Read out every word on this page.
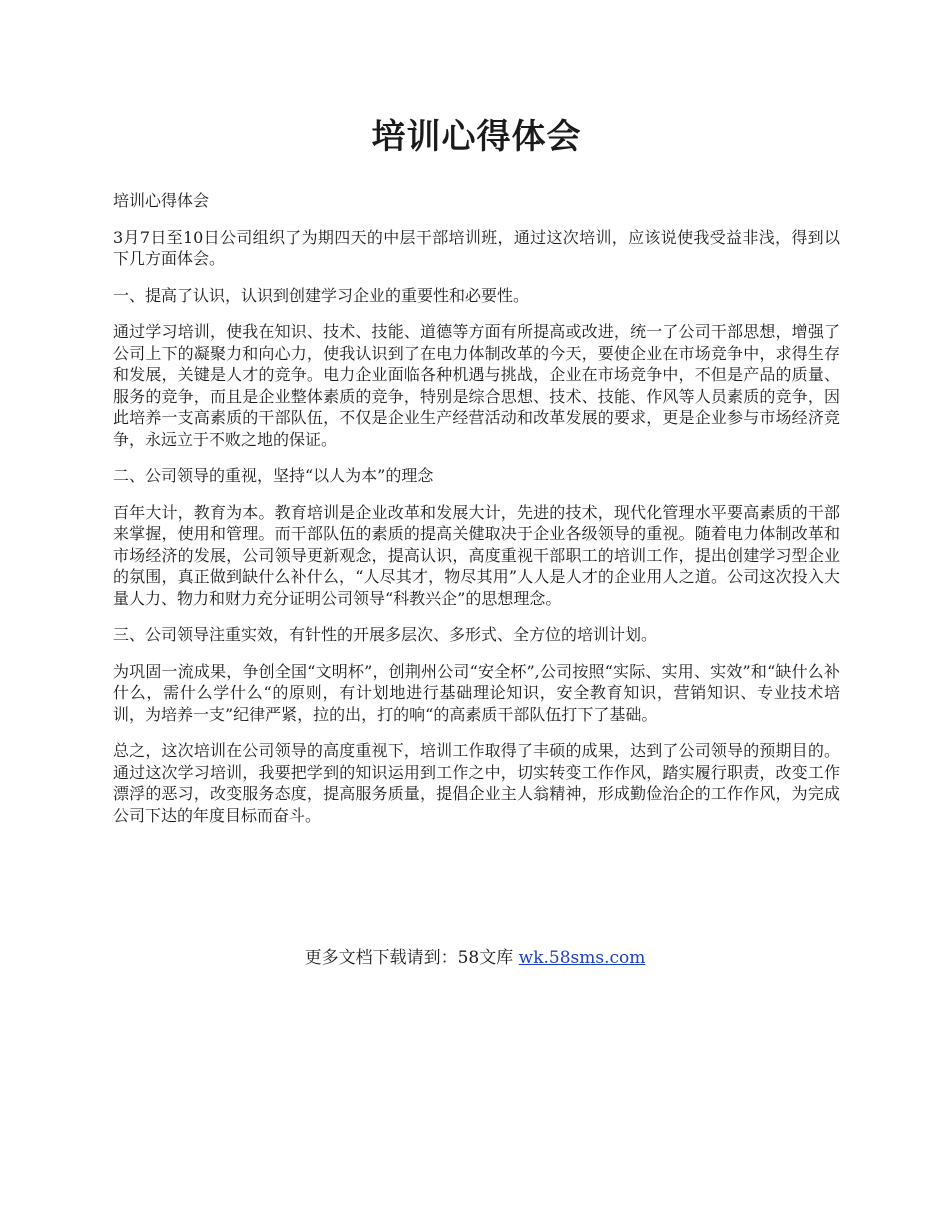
培训心得体会

培训心得体会

3月7日至10日公司组织了为期四天的中层干部培训班，通过这次培训，应该说使我受益非浅，得到以下几方面体会。

一、提高了认识，认识到创建学习企业的重要性和必要性。

通过学习培训，使我在知识、技术、技能、道德等方面有所提高或改进，统一了公司干部思想，增强了公司上下的凝聚力和向心力，使我认识到了在电力体制改革的今天，要使企业在市场竞争中，求得生存和发展，关键是人才的竞争。电力企业面临各种机遇与挑战，企业在市场竞争中，不但是产品的质量、服务的竞争，而且是企业整体素质的竞争，特别是综合思想、技术、技能、作风等人员素质的竞争，因此培养一支高素质的干部队伍，不仅是企业生产经营活动和改革发展的要求，更是企业参与市场经济竞争，永远立于不败之地的保证。

二、公司领导的重视，坚持“以人为本”的理念

百年大计，教育为本。教育培训是企业改革和发展大计，先进的技术，现代化管理水平要高素质的干部来掌握，使用和管理。而干部队伍的素质的提高关健取决于企业各级领导的重视。随着电力体制改革和市场经济的发展，公司领导更新观念，提高认识，高度重视干部职工的培训工作，提出创建学习型企业的氛围，真正做到缺什么补什么，“人尽其才，物尽其用”人人是人才的企业用人之道。公司这次投入大量人力、物力和财力充分证明公司领导“科教兴企”的思想理念。

三、公司领导注重实效，有针性的开展多层次、多形式、全方位的培训计划。

为巩固一流成果，争创全国“文明杯”，创荆州公司“安全杯”,公司按照“实际、实用、实效”和“缺什么补什么，需什么学什么“的原则，有计划地进行基础理论知识，安全教育知识，营销知识、专业技术培训，为培养一支”纪律严紧，拉的出，打的响“的高素质干部队伍打下了基础。

总之，这次培训在公司领导的高度重视下，培训工作取得了丰硕的成果，达到了公司领导的预期目的。通过这次学习培训，我要把学到的知识运用到工作之中，切实转变工作作风，踏实履行职责，改变工作漂浮的恶习，改变服务态度，提高服务质量，提倡企业主人翁精神，形成勤俭治企的工作作风，为完成公司下达的年度目标而奋斗。

更多文档下载请到：58文库 wk.58sms.com
